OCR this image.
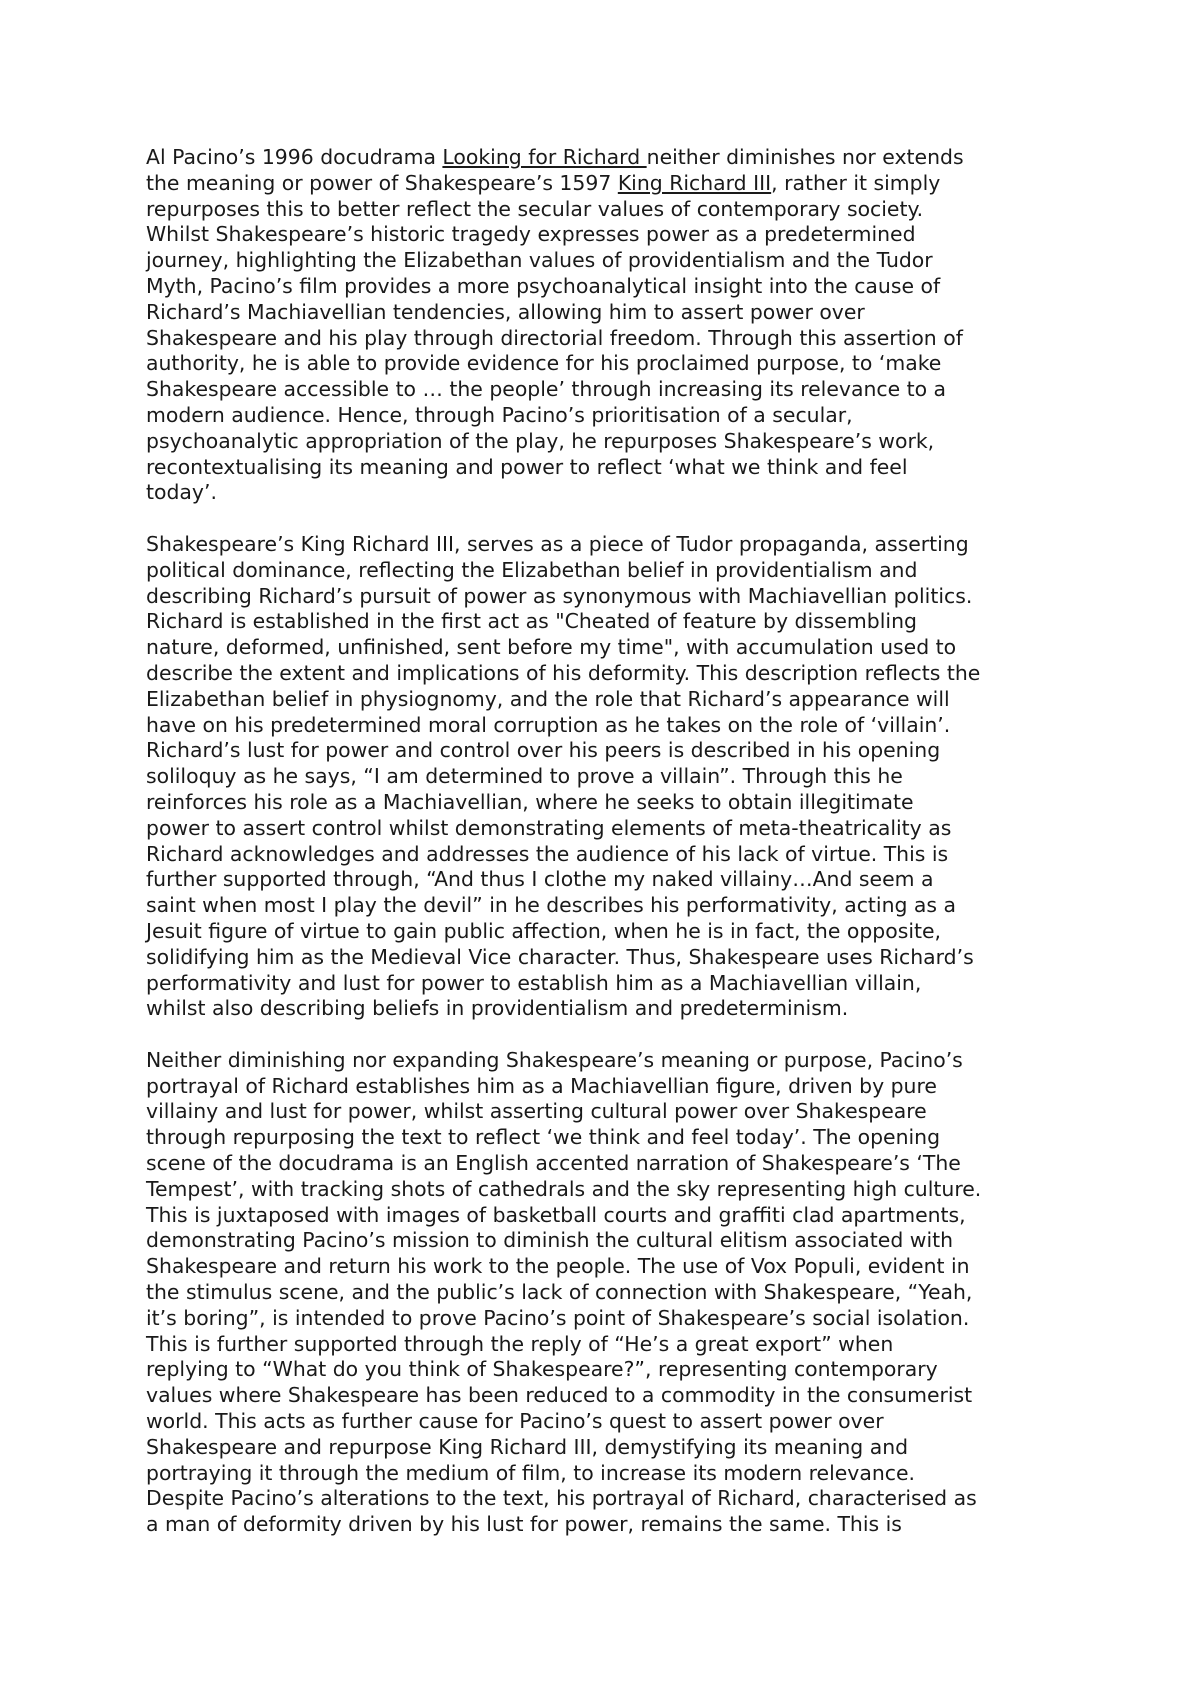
Al Pacino’s 1996 docudrama Looking for Richard neither diminishes nor extends
the meaning or power of Shakespeare’s 1597 King Richard III, rather it simply
repurposes this to better reflect the secular values of contemporary society.
Whilst Shakespeare’s historic tragedy expresses power as a predetermined
journey, highlighting the Elizabethan values of providentialism and the Tudor
Myth, Pacino’s film provides a more psychoanalytical insight into the cause of
Richard’s Machiavellian tendencies, allowing him to assert power over
Shakespeare and his play through directorial freedom. Through this assertion of
authority, he is able to provide evidence for his proclaimed purpose, to ‘make
Shakespeare accessible to … the people’ through increasing its relevance to a
modern audience. Hence, through Pacino’s prioritisation of a secular,
psychoanalytic appropriation of the play, he repurposes Shakespeare’s work,
recontextualising its meaning and power to reflect ‘what we think and feel
today’.
Shakespeare’s King Richard III, serves as a piece of Tudor propaganda, asserting
political dominance, reflecting the Elizabethan belief in providentialism and
describing Richard’s pursuit of power as synonymous with Machiavellian politics.
Richard is established in the first act as "Cheated of feature by dissembling
nature, deformed, unfinished, sent before my time", with accumulation used to
describe the extent and implications of his deformity. This description reflects the
Elizabethan belief in physiognomy, and the role that Richard’s appearance will
have on his predetermined moral corruption as he takes on the role of ‘villain’.
Richard’s lust for power and control over his peers is described in his opening
soliloquy as he says, “I am determined to prove a villain”. Through this he
reinforces his role as a Machiavellian, where he seeks to obtain illegitimate
power to assert control whilst demonstrating elements of meta-theatricality as
Richard acknowledges and addresses the audience of his lack of virtue. This is
further supported through, “And thus I clothe my naked villainy…And seem a
saint when most I play the devil” in he describes his performativity, acting as a
Jesuit figure of virtue to gain public affection, when he is in fact, the opposite,
solidifying him as the Medieval Vice character. Thus, Shakespeare uses Richard’s
performativity and lust for power to establish him as a Machiavellian villain,
whilst also describing beliefs in providentialism and predeterminism.
Neither diminishing nor expanding Shakespeare’s meaning or purpose, Pacino’s
portrayal of Richard establishes him as a Machiavellian figure, driven by pure
villainy and lust for power, whilst asserting cultural power over Shakespeare
through repurposing the text to reflect ‘we think and feel today’. The opening
scene of the docudrama is an English accented narration of Shakespeare’s ‘The
Tempest’, with tracking shots of cathedrals and the sky representing high culture.
This is juxtaposed with images of basketball courts and graffiti clad apartments,
demonstrating Pacino’s mission to diminish the cultural elitism associated with
Shakespeare and return his work to the people. The use of Vox Populi, evident in
the stimulus scene, and the public’s lack of connection with Shakespeare, “Yeah,
it’s boring”, is intended to prove Pacino’s point of Shakespeare’s social isolation.
This is further supported through the reply of “He’s a great export” when
replying to “What do you think of Shakespeare?”, representing contemporary
values where Shakespeare has been reduced to a commodity in the consumerist
world. This acts as further cause for Pacino’s quest to assert power over
Shakespeare and repurpose King Richard III, demystifying its meaning and
portraying it through the medium of film, to increase its modern relevance.
Despite Pacino’s alterations to the text, his portrayal of Richard, characterised as
a man of deformity driven by his lust for power, remains the same. This is
